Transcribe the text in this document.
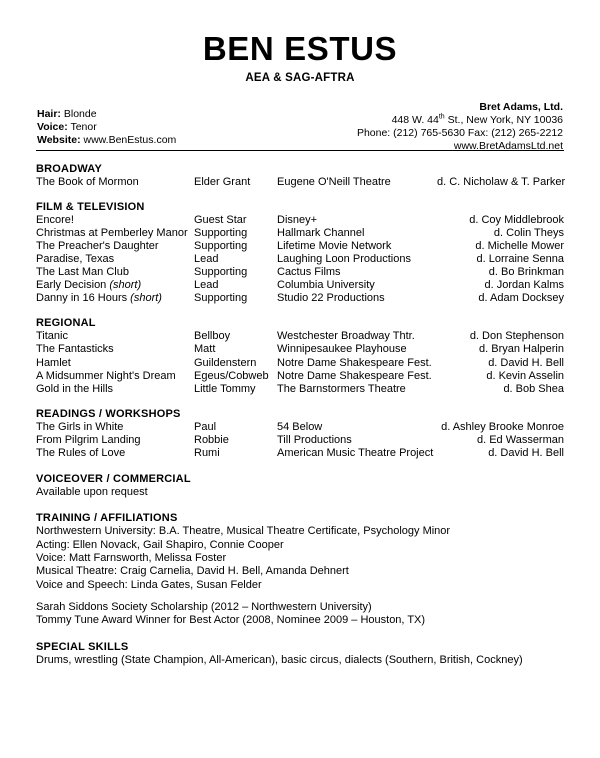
BEN ESTUS
AEA & SAG-AFTRA
Hair: Blonde
Voice: Tenor
Website: www.BenEstus.com
Bret Adams, Ltd.
448 W. 44th St., New York, NY 10036
Phone: (212) 765-5630 Fax: (212) 265-2212
www.BretAdamsLtd.net
BROADWAY
The Book of Mormon	Elder Grant	Eugene O'Neill Theatre	d. C. Nicholaw & T. Parker
FILM & TELEVISION
Encore!	Guest Star	Disney+	d. Coy Middlebrook
Christmas at Pemberley Manor	Supporting	Hallmark Channel	d. Colin Theys
The Preacher's Daughter	Supporting	Lifetime Movie Network	d. Michelle Mower
Paradise, Texas	Lead	Laughing Loon Productions	d. Lorraine Senna
The Last Man Club	Supporting	Cactus Films	d. Bo Brinkman
Early Decision (short)	Lead	Columbia University	d. Jordan Kalms
Danny in 16 Hours (short)	Supporting	Studio 22 Productions	d. Adam Docksey
REGIONAL
Titanic	Bellboy	Westchester Broadway Thtr.	d. Don Stephenson
The Fantasticks	Matt	Winnipesaukee Playhouse	d. Bryan Halperin
Hamlet	Guildenstern	Notre Dame Shakespeare Fest.	d. David H. Bell
A Midsummer Night's Dream	Egeus/Cobweb	Notre Dame Shakespeare Fest.	d. Kevin Asselin
Gold in the Hills	Little Tommy	The Barnstormers Theatre	d. Bob Shea
READINGS / WORKSHOPS
The Girls in White	Paul	54 Below	d. Ashley Brooke Monroe
From Pilgrim Landing	Robbie	Till Productions	d. Ed Wasserman
The Rules of Love	Rumi	American Music Theatre Project	d. David H. Bell
VOICEOVER / COMMERCIAL
Available upon request
TRAINING / AFFILIATIONS
Northwestern University: B.A. Theatre, Musical Theatre Certificate, Psychology Minor
Acting: Ellen Novack, Gail Shapiro, Connie Cooper
Voice: Matt Farnsworth, Melissa Foster
Musical Theatre: Craig Carnelia, David H. Bell, Amanda Dehnert
Voice and Speech: Linda Gates, Susan Felder
Sarah Siddons Society Scholarship (2012 – Northwestern University)
Tommy Tune Award Winner for Best Actor (2008, Nominee 2009 – Houston, TX)
SPECIAL SKILLS
Drums, wrestling (State Champion, All-American), basic circus, dialects (Southern, British, Cockney)
